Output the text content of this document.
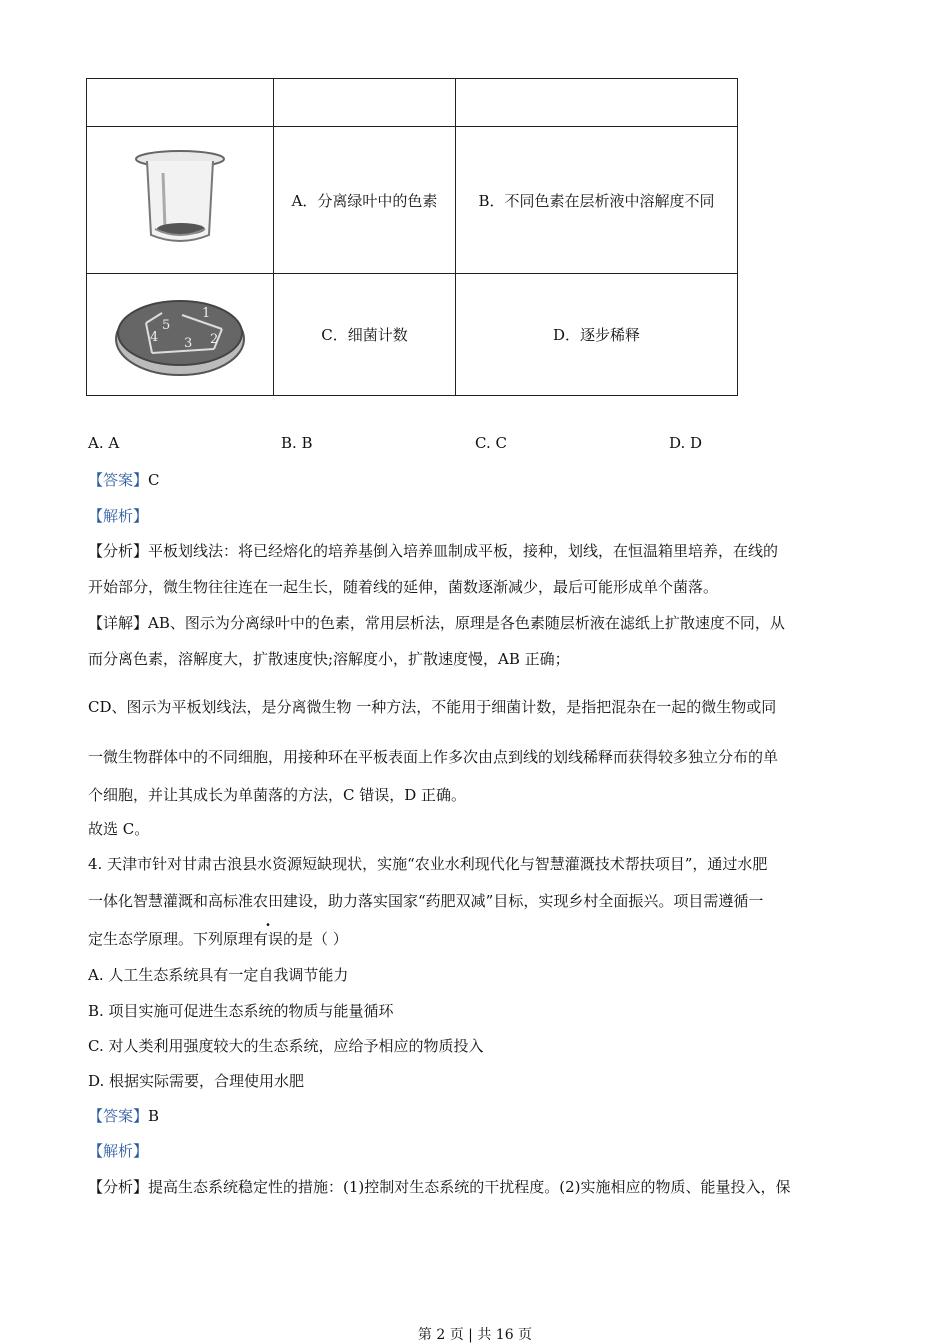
	A．分离绿叶中的色素	B．不同色素在层析液中溶解度不同

1
2
3
4
5	C．细菌计数	D．逐步稀释
A. A	B. B	C. C	D. D
【答案】C
【解析】
【分析】平板划线法：将已经熔化的培养基倒入培养皿制成平板，接种，划线，在恒温箱里培养，在线的
开始部分，微生物往往连在一起生长，随着线的延伸，菌数逐渐减少，最后可能形成单个菌落。
【详解】AB、图示为分离绿叶中的色素，常用层析法，原理是各色素随层析液在滤纸上扩散速度不同，从
而分离色素，溶解度大，扩散速度快;溶解度小，扩散速度慢，AB 正确；
CD、图示为平板划线法，是分离微生物 一种方法，不能用于细菌计数，是指把混杂在一起的微生物或同
一微生物群体中的不同细胞，用接种环在平板表面上作多次由点到线的划线稀释而获得较多独立分布的单
个细胞，并让其成长为单菌落的方法，C 错误，D 正确。
故选 C。
4. 天津市针对甘肃古浪县水资源短缺现状，实施“农业水利现代化与智慧灌溉技术帮扶项目”，通过水肥
一体化智慧灌溉和高标准农田建设，助力落实国家“药肥双减”目标，实现乡村全面振兴。项目需遵循一
定生态学原理。下列原理有误的是（ ）
A. 人工生态系统具有一定自我调节能力
B. 项目实施可促进生态系统的物质与能量循环
C. 对人类利用强度较大的生态系统，应给予相应的物质投入
D. 根据实际需要，合理使用水肥
【答案】B
【解析】
【分析】提高生态系统稳定性的措施：(1)控制对生态系统的干扰程度。(2)实施相应的物质、能量投入，保
第 2 页 | 共 16 页
